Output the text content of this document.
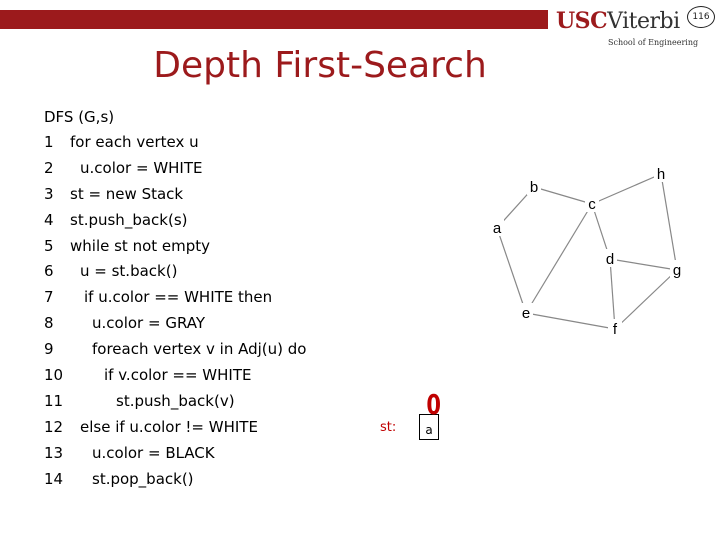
USCViterbi
School of Engineering
116
Depth First-Search
DFS (G,s)
1 for each vertex u
2 u.color = WHITE
3 st = new Stack
4 st.push_back(s)
5 while st not empty
6 u = st.back()
7 if u.color == WHITE then
8	u.color = GRAY
9	foreach vertex v in Adj(u) do
10	if v.color == WHITE
11	st.push_back(v)
12 else if u.color != WHITE
13 u.color = BLACK
14 st.pop_back()
a
b
c
d
e
f
g
h
st:	a
0
